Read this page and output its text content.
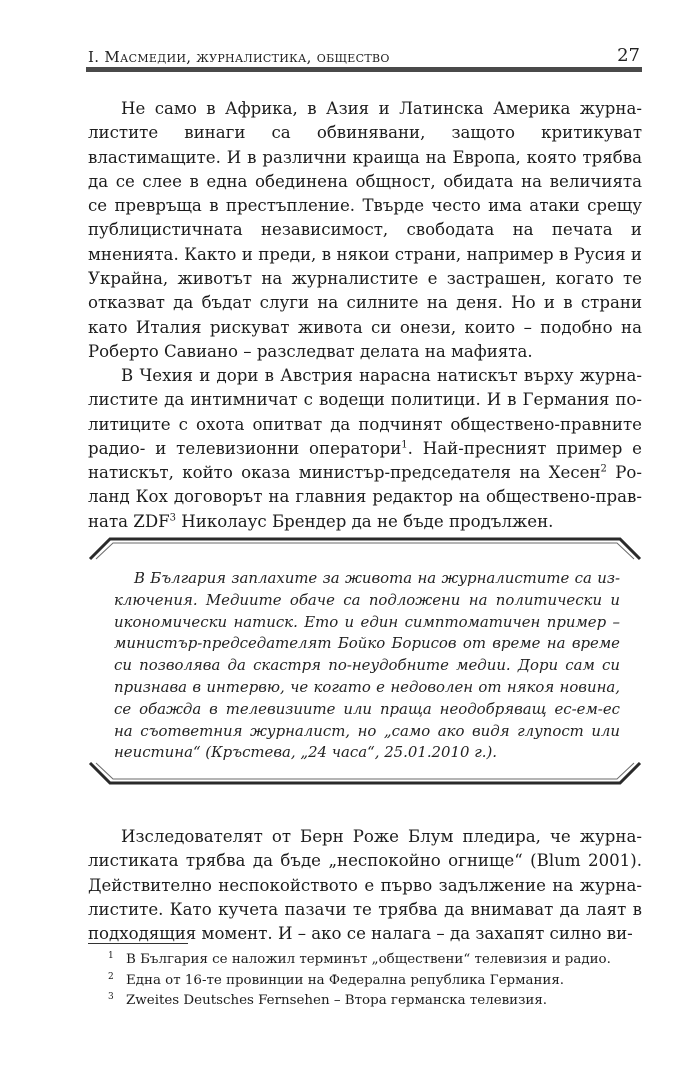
I. Масмедии, журналистика, общество	27

Не само в Африка, в Азия и Латинска Америка журналистите винаги са обвинявани, защото критикуват властимащите. И в различни краища на Европа, която трябва да се слее в една обединена общност, обидата на величията се превръща в престъпление. Твърде често има атаки срещу публицистичната независимост, свободата на печата и мненията. Както и преди, в някои страни, например в Русия и Украйна, животът на журналистите е застрашен, когато те отказват да бъдат слуги на силните на деня. Но и в страни като Италия рискуват живота си онези, които – подобно на Роберто Савиано – разследват делата на мафията.

В Чехия и дори в Австрия нарасна натискът върху журналистите да интимничат с водещи политици. И в Германия политиците с охота опитват да подчинят обществено-правните радио- и телевизионни оператори$^1$. Най-пресният пример е натискът, който оказа министър-председателя на Хесен$^2$ Роланд Кох договорът на главния редактор на обществено-правната ZDF$^3$ Николаус Брендер да не бъде продължен.

В България заплахите за живота на журналистите са изключения. Медиите обаче са подложени на политически и икономически натиск. Ето и един симптоматичен пример – министър-председателят Бойко Борисов от време на време си позволява да скастря по-неудобните медии. Дори сам си признава в интервю, че когато е недоволен от някоя новина, се обажда в телевизиите или праща неодобряващ ес-ем-ес на съответния журналист, но „само ако видя глупост или неистина“ (Кръстева, „24 часа“, 25.01.2010 г.).

Изследователят от Берн Роже Блум пледира, че журналистиката трябва да бъде „неспокойно огнище“ (Blum 2001). Действително неспокойството е първо задължение на журналистите. Като кучета пазачи те трябва да внимават да лаят в подходящия момент. И – ако се налага – да захапят силно ви-

1 В България се наложил терминът „обществени“ телевизия и радио.
2 Една от 16-те провинции на Федерална република Германия.
3 Zweites Deutsches Fernsehen – Втора германска телевизия.
